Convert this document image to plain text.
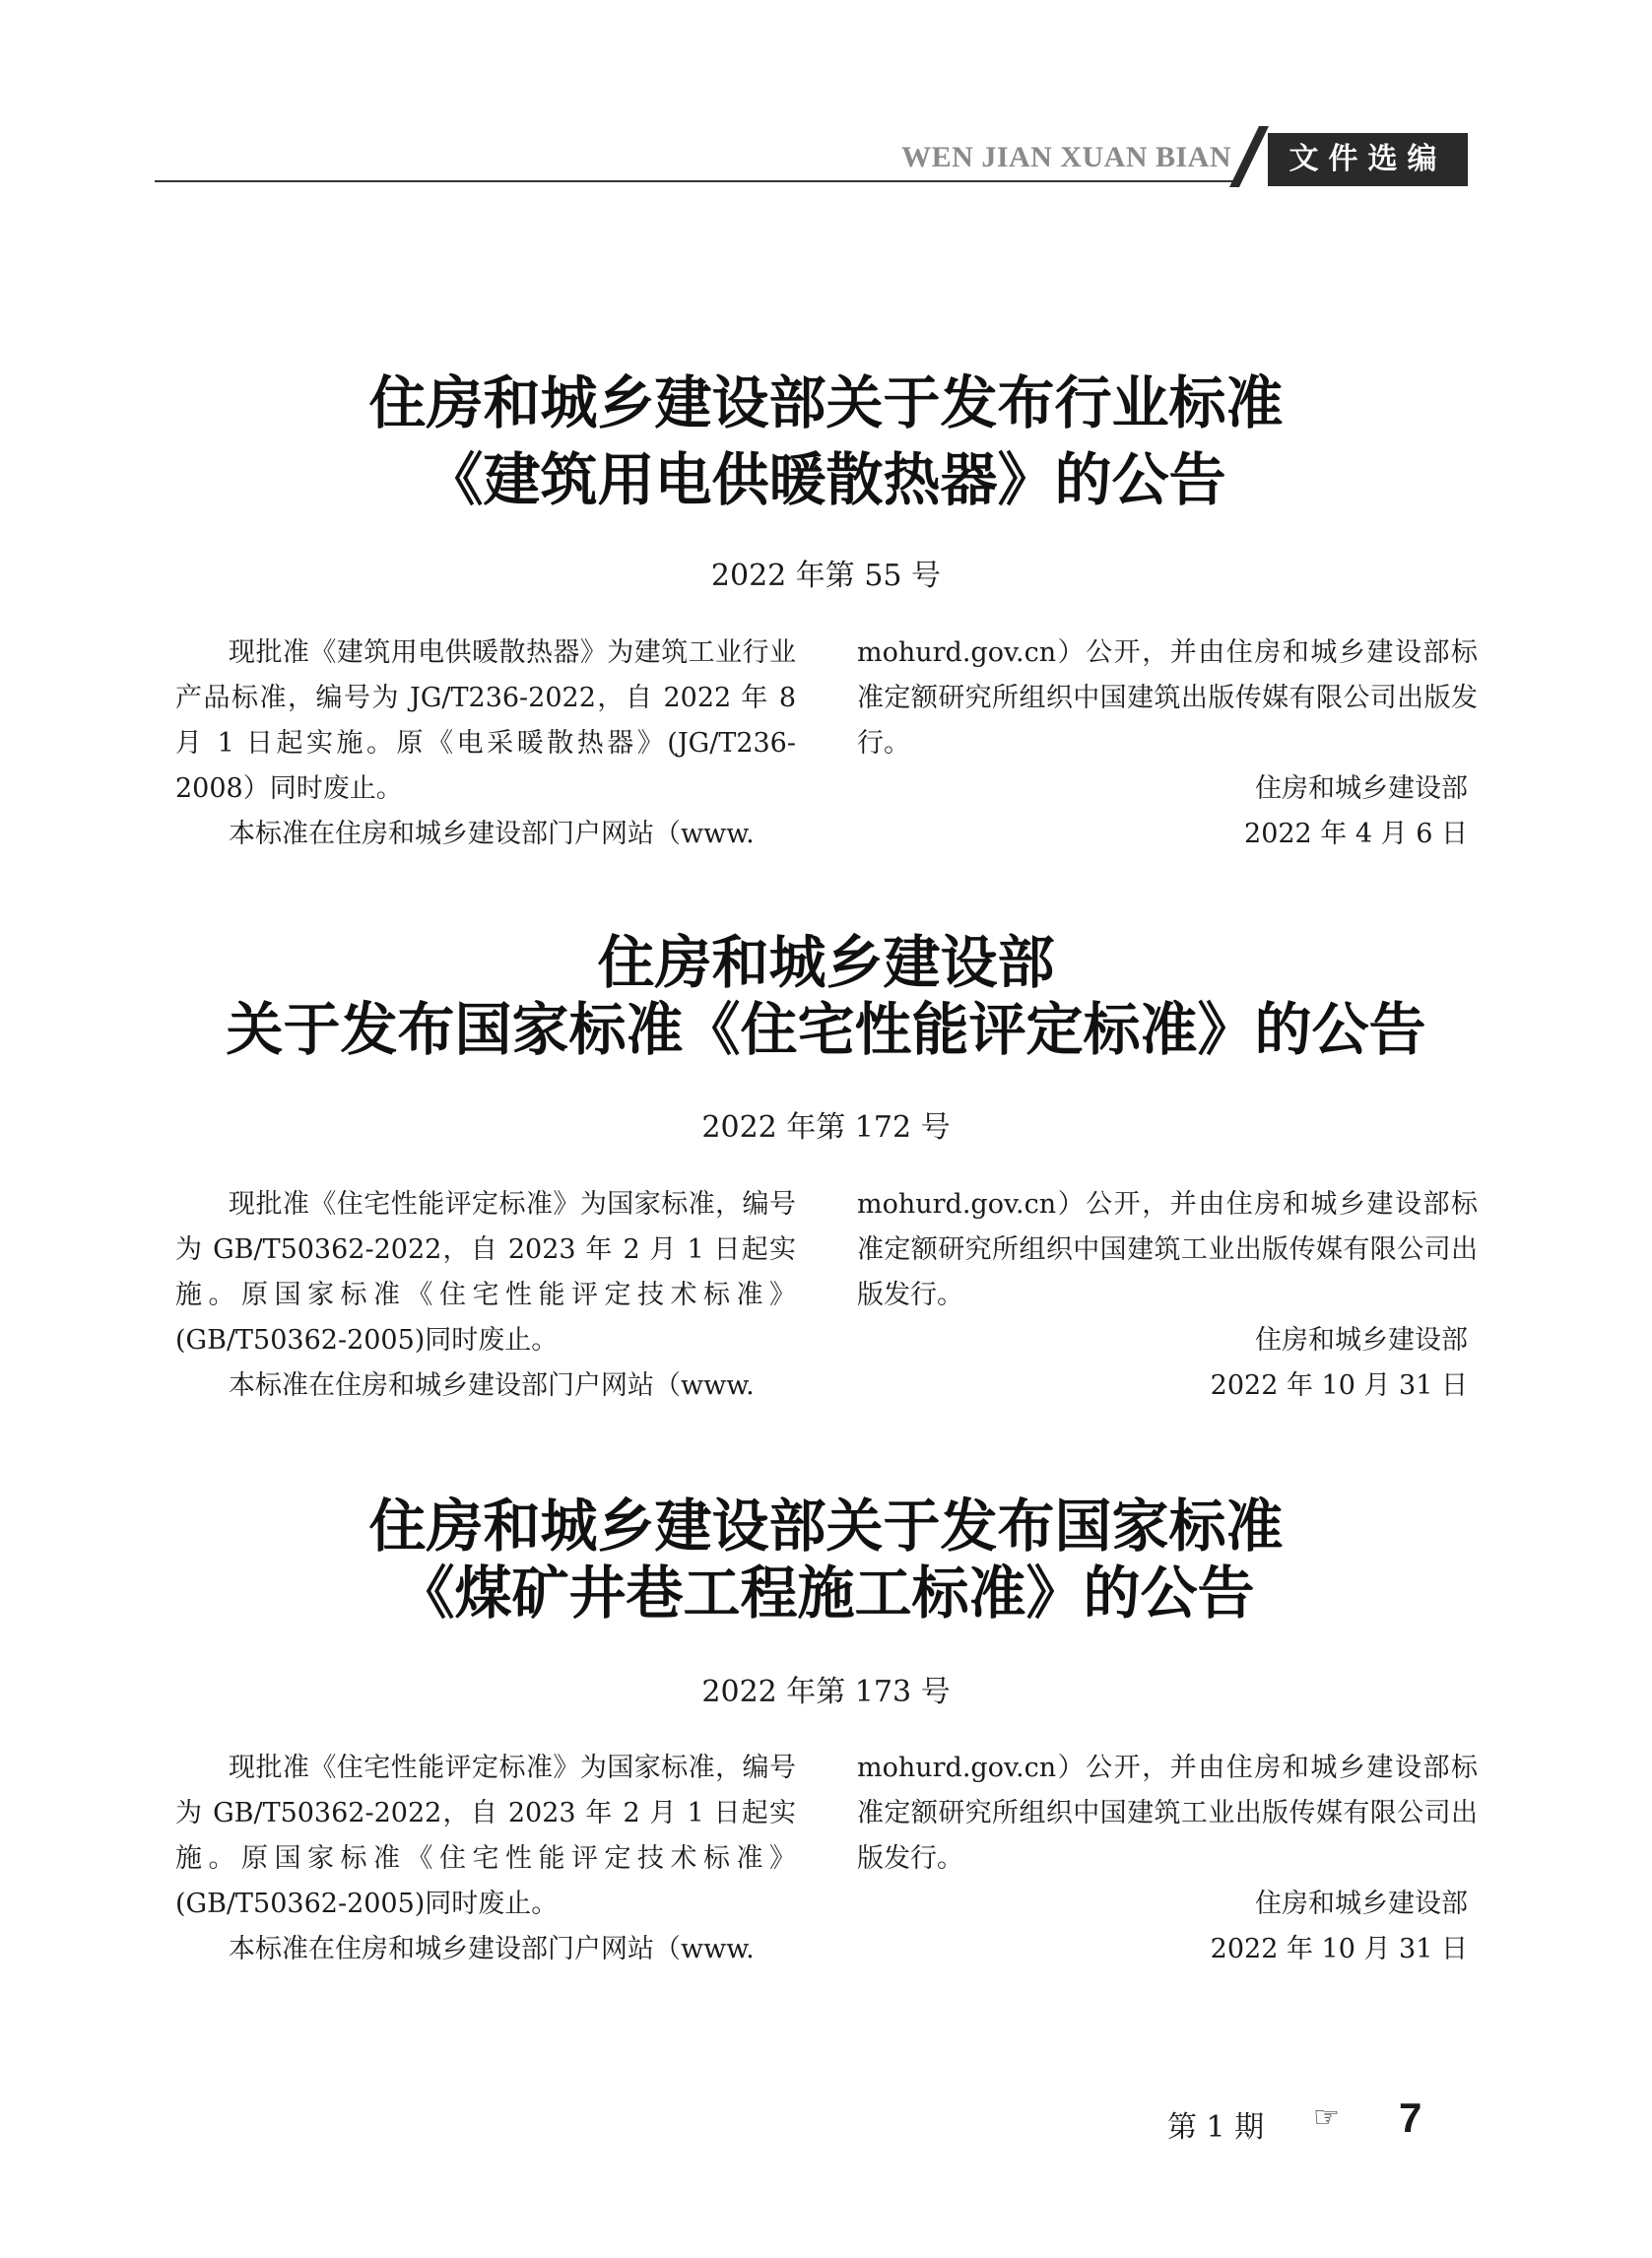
WEN JIAN XUAN BIAN	文件选编
住房和城乡建设部关于发布行业标准
《建筑用电供暖散热器》的公告
2022 年第 55 号

现批准《建筑用电供暖散热器》为建筑工业行业产品标准，编号为 JG/T236-2022，自 2022 年 8 月 1 日起实施。原《电采暖散热器》(JG/T236-2008）同时废止。

本标准在住房和城乡建设部门户网站（www.

mohurd.gov.cn）公开，并由住房和城乡建设部标准定额研究所组织中国建筑出版传媒有限公司出版发行。

住房和城乡建设部
2022 年 4 月 6 日
住房和城乡建设部
关于发布国家标准《住宅性能评定标准》的公告
2022 年第 172 号

现批准《住宅性能评定标准》为国家标准，编号为 GB/T50362-2022，自 2023 年 2 月 1 日起实施。原国家标准《住宅性能评定技术标准》(GB/T50362-2005)同时废止。

本标准在住房和城乡建设部门户网站（www.

mohurd.gov.cn）公开，并由住房和城乡建设部标准定额研究所组织中国建筑工业出版传媒有限公司出版发行。

住房和城乡建设部
2022 年 10 月 31 日
住房和城乡建设部关于发布国家标准
《煤矿井巷工程施工标准》的公告
2022 年第 173 号

现批准《住宅性能评定标准》为国家标准，编号为 GB/T50362-2022，自 2023 年 2 月 1 日起实施。原国家标准《住宅性能评定技术标准》(GB/T50362-2005)同时废止。

本标准在住房和城乡建设部门户网站（www.

mohurd.gov.cn）公开，并由住房和城乡建设部标准定额研究所组织中国建筑工业出版传媒有限公司出版发行。

住房和城乡建设部
2022 年 10 月 31 日
第 1 期 ☞ 7
